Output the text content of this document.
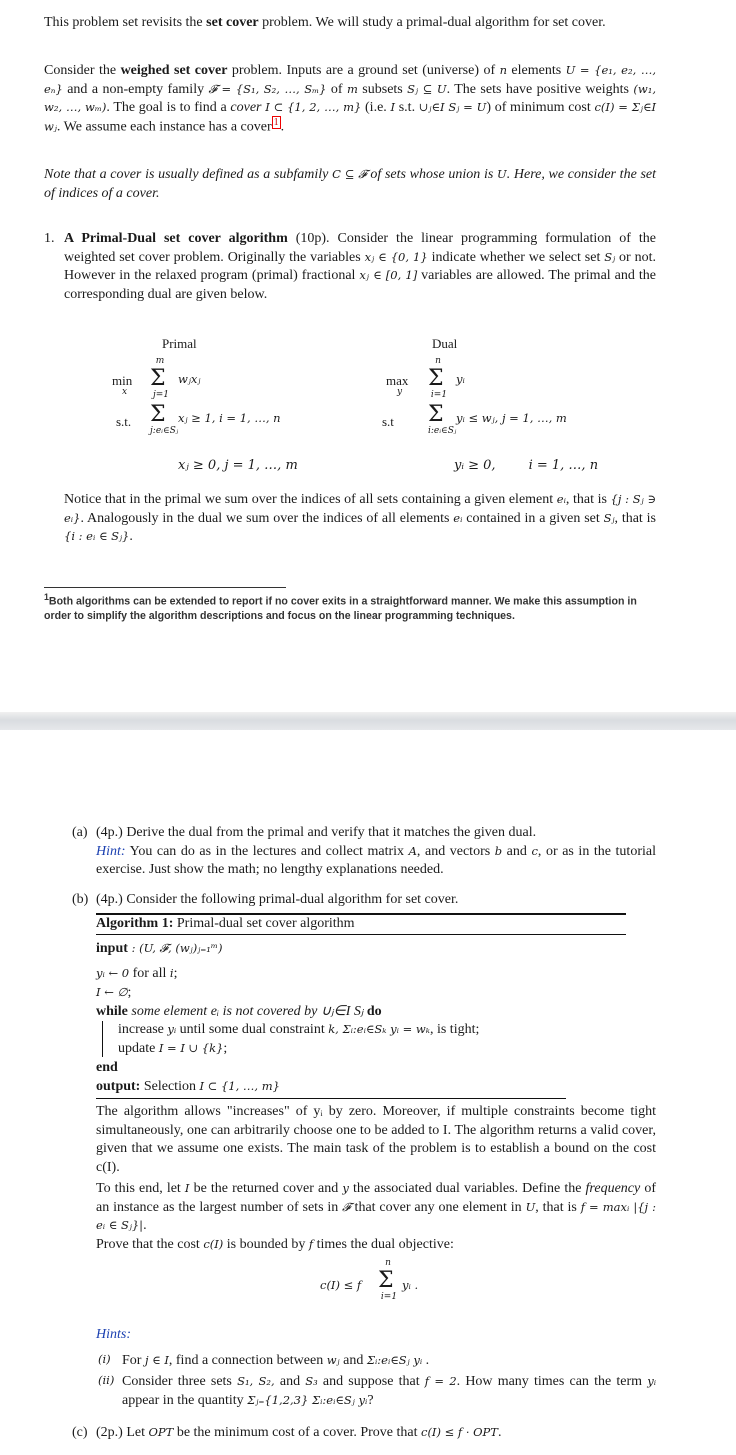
This problem set revisits the set cover problem. We will study a primal-dual algorithm for set cover.

Consider the weighed set cover problem. Inputs are a ground set (universe) of n elements U = {e₁, e₂, …, eₙ} and a non-empty family 𝓕 = {S₁, S₂, …, Sₘ} of m subsets Sⱼ ⊆ U. The sets have positive weights (w₁, w₂, …, wₘ). The goal is to find a cover I ⊂ {1, 2, …, m} (i.e. I s.t. ∪ⱼ∈I Sⱼ = U) of minimum cost c(I) = Σⱼ∈I wⱼ. We assume each instance has a cover $^1$ .

Note that a cover is usually defined as a subfamily C ⊆ 𝓕 of sets whose union is U. Here, we consider the set of indices of a cover.

1. A Primal-Dual set cover algorithm (10p). Consider the linear programming formulation of the weighted set cover problem. Originally the variables xⱼ ∈ {0, 1} indicate whether we select set Sⱼ or not. However in the relaxed program (primal) fractional xⱼ ∈ [0, 1] variables are allowed. The primal and the corresponding dual are given below.
Primal	Dual
min
x
m
Σ wⱼxⱼ
j=1
s.t. Σ xⱼ ≥ 1, i = 1, …, n
j:eᵢ∈Sⱼ
xⱼ ≥ 0, j = 1, …, m
max
y
n
Σ yᵢ
i=1
s.t Σ yᵢ ≤ wⱼ, j = 1, …, m
i:eᵢ∈Sⱼ
yᵢ ≥ 0,        i = 1, …, n

Notice that in the primal we sum over the indices of all sets containing a given element eᵢ, that is {j : Sⱼ ∋ eᵢ}. Analogously in the dual we sum over the indices of all elements eᵢ contained in a given set Sⱼ, that is {i : eᵢ ∈ Sⱼ}.

$^1$Both algorithms can be extended to report if no cover exits in a straightforward manner. We make this assumption in order to simplify the algorithm descriptions and focus on the linear programming techniques.
(a) (4p.) Derive the dual from the primal and verify that it matches the given dual.
Hint: You can do as in the lectures and collect matrix A, and vectors b and c, or as in the tutorial exercise. Just show the math; no lengthy explanations needed.
(b) (4p.) Consider the following primal-dual algorithm for set cover.
Algorithm 1: Primal-dual set cover algorithm
input : (U, 𝓕, (wⱼ)ⱼ₌₁ᵐ)
yᵢ ← 0 for all i;
I ← ∅;
while some element eᵢ is not covered by ∪ⱼ∈I Sⱼ do
increase yᵢ until some dual constraint k, Σᵢ:eᵢ∈Sₖ yᵢ = wₖ, is tight;
update I = I ∪ {k};
end
output: Selection I ⊂ {1, …, m}

The algorithm allows "increases" of yᵢ by zero. Moreover, if multiple constraints become tight simultaneously, one can arbitrarily choose one to be added to I. The algorithm returns a valid cover, given that we assume one exists. The main task of the problem is to establish a bound on the cost c(I).

To this end, let I be the returned cover and y the associated dual variables. Define the frequency of an instance as the largest number of sets in 𝓕 that cover any one element in U, that is f = maxᵢ |{j : eᵢ ∈ Sⱼ}|.

Prove that the cost c(I) is bounded by f times the dual objective:

c(I) ≤ f
n
Σ
i=1
yᵢ .
Hints:
(i) For j ∈ I, find a connection between wⱼ and Σᵢ:eᵢ∈Sⱼ yᵢ .
(ii) Consider three sets S₁, S₂, and S₃ and suppose that f = 2. How many times can the term yᵢ appear in the quantity Σⱼ₌{1,2,3} Σᵢ:eᵢ∈Sⱼ yᵢ?
(c) (2p.) Let OPT be the minimum cost of a cover. Prove that c(I) ≤ f · OPT.
